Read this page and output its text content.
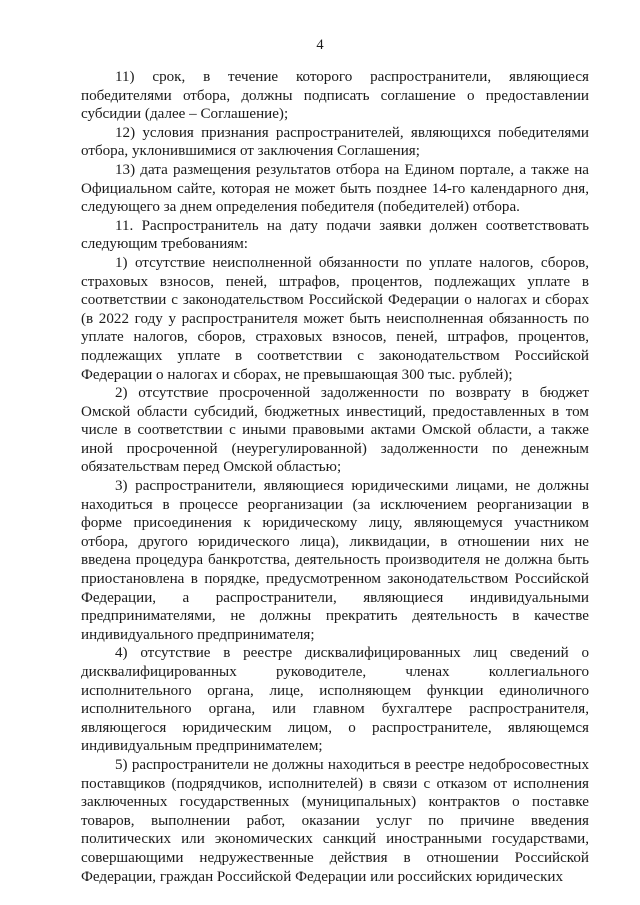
4

11) срок, в течение которого распространители, являющиеся победителями отбора, должны подписать соглашение о предоставлении субсидии (далее – Соглашение);

12) условия признания распространителей, являющихся победителями отбора, уклонившимися от заключения Соглашения;

13) дата размещения результатов отбора на Едином портале, а также на Официальном сайте, которая не может быть позднее 14-го календарного дня, следующего за днем определения победителя (победителей) отбора.

11. Распространитель на дату подачи заявки должен соответствовать следующим требованиям:

1) отсутствие неисполненной обязанности по уплате налогов, сборов, страховых взносов, пеней, штрафов, процентов, подлежащих уплате в соответствии с законодательством Российской Федерации о налогах и сборах (в 2022 году у распространителя может быть неисполненная обязанность по уплате налогов, сборов, страховых взносов, пеней, штрафов, процентов, подлежащих уплате в соответствии с законодательством Российской Федерации о налогах и сборах, не превышающая 300 тыс. рублей);

2) отсутствие просроченной задолженности по возврату в бюджет Омской области субсидий, бюджетных инвестиций, предоставленных в том числе в соответствии с иными правовыми актами Омской области, а также иной просроченной (неурегулированной) задолженности по денежным обязательствам перед Омской областью;

3) распространители, являющиеся юридическими лицами, не должны находиться в процессе реорганизации (за исключением реорганизации в форме присоединения к юридическому лицу, являющемуся участником отбора, другого юридического лица), ликвидации, в отношении них не введена процедура банкротства, деятельность производителя не должна быть приостановлена в порядке, предусмотренном законодательством Российской Федерации, а распространители, являющиеся индивидуальными предпринимателями, не должны прекратить деятельность в качестве индивидуального предпринимателя;

4) отсутствие в реестре дисквалифицированных лиц сведений о дисквалифицированных руководителе, членах коллегиального исполнительного органа, лице, исполняющем функции единоличного исполнительного органа, или главном бухгалтере распространителя, являющегося юридическим лицом, о распространителе, являющемся индивидуальным предпринимателем;

5) распространители не должны находиться в реестре недобросовестных поставщиков (подрядчиков, исполнителей) в связи с отказом от исполнения заключенных государственных (муниципальных) контрактов о поставке товаров, выполнении работ, оказании услуг по причине введения политических или экономических санкций иностранными государствами, совершающими недружественные действия в отношении Российской Федерации, граждан Российской Федерации или российских юридических
